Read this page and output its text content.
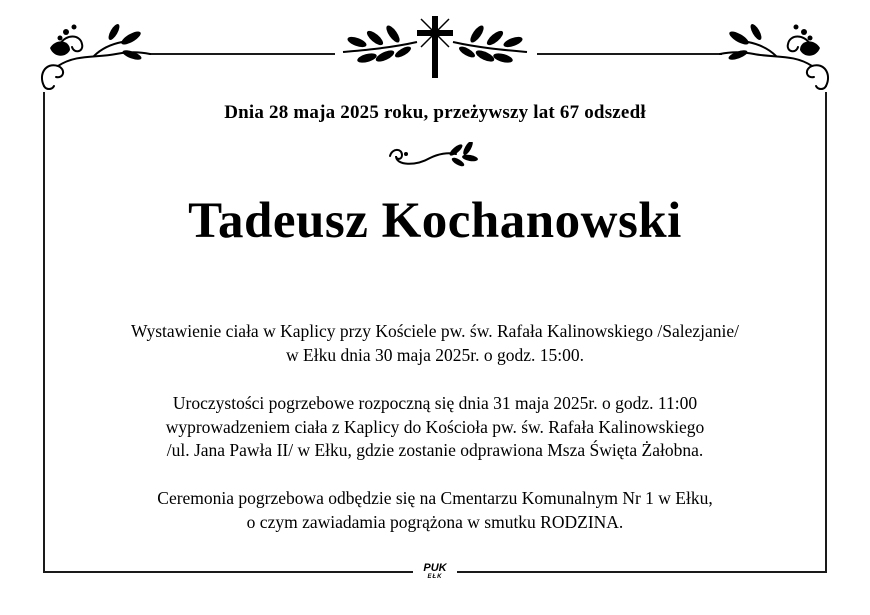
Dnia 28 maja 2025 roku, przeżywszy lat 67 odszedł
Tadeusz Kochanowski
Wystawienie ciała w Kaplicy przy Kościele pw. św. Rafała Kalinowskiego /Salezjanie/
w Ełku dnia 30 maja 2025r. o godz. 15:00.
Uroczystości pogrzebowe rozpoczną się dnia 31 maja 2025r. o godz. 11:00
wyprowadzeniem ciała z Kaplicy do Kościoła pw. św. Rafała Kalinowskiego
/ul. Jana Pawła II/ w Ełku, gdzie zostanie odprawiona Msza Święta Żałobna.
Ceremonia pogrzebowa odbędzie się na Cmentarzu Komunalnym Nr 1 w Ełku,
o czym zawiadamia pogrążona w smutku RODZINA.
PUK
EŁK
